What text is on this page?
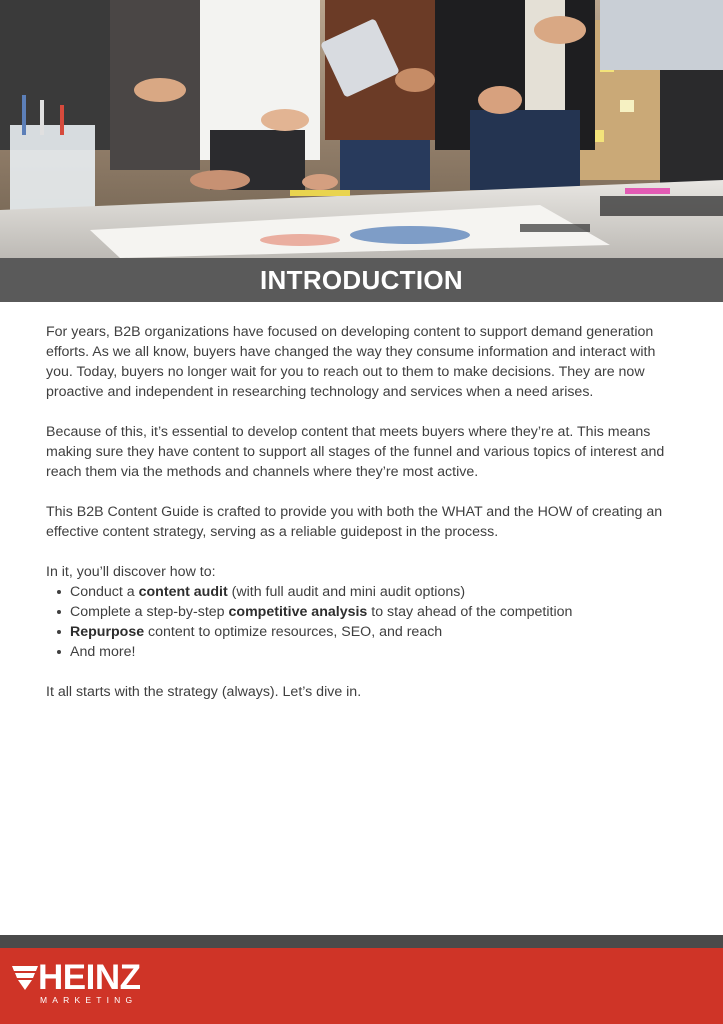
INTRODUCTION

For years, B2B organizations have focused on developing content to support demand generation efforts. As we all know, buyers have changed the way they consume information and interact with you. Today, buyers no longer wait for you to reach out to them to make decisions. They are now proactive and independent in researching technology and services when a need arises.

Because of this, it’s essential to develop content that meets buyers where they’re at. This means making sure they have content to support all stages of the funnel and various topics of interest and reach them via the methods and channels where they’re most active.

This B2B Content Guide is crafted to provide you with both the WHAT and the HOW of creating an effective content strategy, serving as a reliable guidepost in the process.

In it, you’ll discover how to:

Conduct a content audit (with full audit and mini audit options)
Complete a step-by-step competitive analysis to stay ahead of the competition
Repurpose content to optimize resources, SEO, and reach
And more!

It all starts with the strategy (always). Let’s dive in.

HEINZ
MARKETING
